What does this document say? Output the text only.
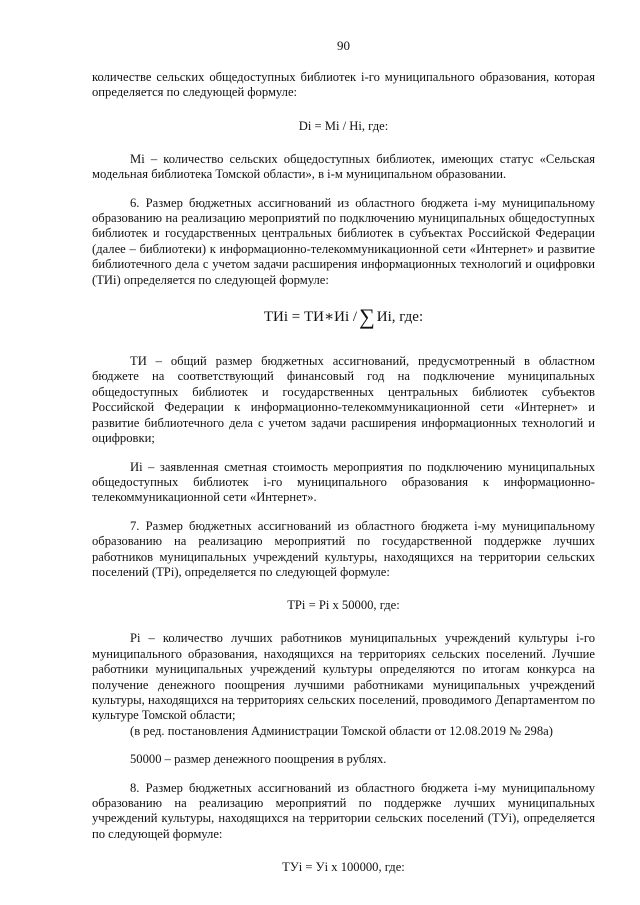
90

количестве сельских общедоступных библиотек i-го муниципального образования, которая определяется по следующей формуле:

Di = Mi / Hi, где:

Mi – количество сельских общедоступных библиотек, имеющих статус «Сельская модельная библиотека Томской области», в i-м муниципальном образовании.

6. Размер бюджетных ассигнований из областного бюджета i-му муниципальному образованию на реализацию мероприятий по подключению муниципальных общедоступных библиотек и государственных центральных библиотек в субъектах Российской Федерации (далее – библиотеки) к информационно-телекоммуникационной сети «Интернет» и развитие библиотечного дела с учетом задачи расширения информационных технологий и оцифровки (ТИi) определяется по следующей формуле:

ТИi = ТИ∗Иi /∑ Иi, где:

ТИ – общий размер бюджетных ассигнований, предусмотренный в областном бюджете на соответствующий финансовый год на подключение муниципальных общедоступных библиотек и государственных центральных библиотек субъектов Российской Федерации к информационно-телекоммуникационной сети «Интернет» и развитие библиотечного дела с учетом задачи расширения информационных технологий и оцифровки;

Иi – заявленная сметная стоимость мероприятия по подключению муниципальных общедоступных библиотек i-го муниципального образования к информационно-телекоммуникационной сети «Интернет».

7. Размер бюджетных ассигнований из областного бюджета i-му муниципальному образованию на реализацию мероприятий по государственной поддержке лучших работников муниципальных учреждений культуры, находящихся на территории сельских поселений (ТРi), определяется по следующей формуле:

ТРi = Рi x 50000, где:

Рi – количество лучших работников муниципальных учреждений культуры i-го муниципального образования, находящихся на территориях сельских поселений. Лучшие работники муниципальных учреждений культуры определяются по итогам конкурса на получение денежного поощрения лучшими работниками муниципальных учреждений культуры, находящихся на территориях сельских поселений, проводимого Департаментом по культуре Томской области;

(в ред. постановления Администрации Томской области от 12.08.2019 № 298а)

50000 – размер денежного поощрения в рублях.

8. Размер бюджетных ассигнований из областного бюджета i-му муниципальному образованию на реализацию мероприятий по поддержке лучших муниципальных учреждений культуры, находящихся на территории сельских поселений (ТУi), определяется по следующей формуле:

ТУi = Уi x 100000, где:
